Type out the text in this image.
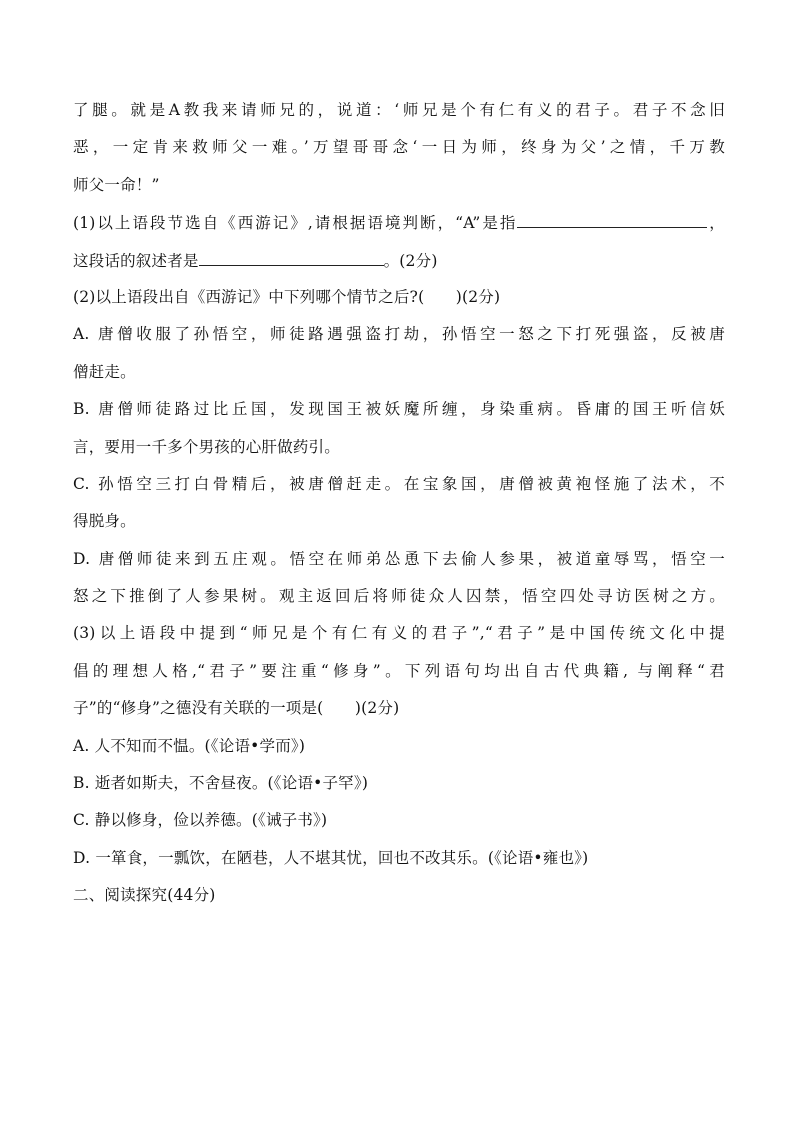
了腿。就是A教我来请师兄的，说道：‘师兄是个有仁有义的君子。君子不念旧
恶，一定肯来救师父一难。’万望哥哥念‘一日为师，终身为父’之情，千万教
师父一命！”
(1)以上语段节选自《西游记》,请根据语境判断，“A”是指	，
这段话的叙述者是	。(2分)
(2)以上语段出自《西游记》中下列哪个情节之后?(　　)(2分)
A. 唐僧收服了孙悟空，师徒路遇强盗打劫，孙悟空一怒之下打死强盗，反被唐
僧赶走。
B. 唐僧师徒路过比丘国，发现国王被妖魔所缠，身染重病。昏庸的国王听信妖
言，要用一千多个男孩的心肝做药引。
C. 孙悟空三打白骨精后，被唐僧赶走。在宝象国，唐僧被黄袍怪施了法术，不
得脱身。
D. 唐僧师徒来到五庄观。悟空在师弟怂恿下去偷人参果，被道童辱骂，悟空一
怒之下推倒了人参果树。观主返回后将师徒众人囚禁，悟空四处寻访医树之方。
(3)以上语段中提到“师兄是个有仁有义的君子”,“君子”是中国传统文化中提
倡的理想人格,“君子”要注重“修身”。下列语句均出自古代典籍, 与阐释“君
子”的“修身”之德没有关联的一项是(　　)(2分)
A. 人不知而不愠。(《论语•学而》)
B. 逝者如斯夫，不舍昼夜。(《论语•子罕》)
C. 静以修身，俭以养德。(《诫子书》)
D. 一箪食，一瓢饮，在陋巷，人不堪其忧，回也不改其乐。(《论语•雍也》)
二、阅读探究(44分)
